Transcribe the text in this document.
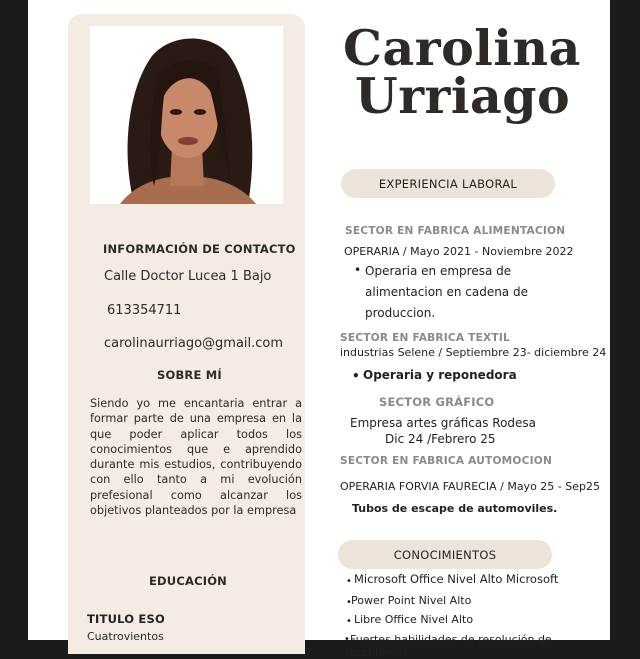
INFORMACIÓN DE CONTACTO
Calle Doctor Lucea 1 Bajo
613354711
carolinaurriago@gmail.com
SOBRE MÍ
Siendo yo me encantaria entrar a formar parte de una empresa en la que poder aplicar todos los conocimientos que e aprendido durante mis estudios, contribuyendo con ello tanto a mi evolución prefesional como alcanzar los objetivos planteados por la empresa
EDUCACIÓN
TITULO ESO
Cuatrovientos
Carolina
Urriago
EXPERIENCIA LABORAL
SECTOR EN FABRICA ALIMENTACION
OPERARIA / Mayo 2021 - Noviembre 2022
• Operaria en empresa de
alimentacion en cadena de
produccion.
SECTOR EN FABRICA TEXTIL
industrias Selene / Septiembre 23- diciembre 24
• Operaria y reponedora
SECTOR GRÁFICO
Empresa artes gráficas Rodesa
Dic 24 /Febrero 25
SECTOR EN FABRICA AUTOMOCION
OPERARIA FORVIA FAURECIA / Mayo 25 - Sep25
Tubos de escape de automoviles.
CONOCIMIENTOS
• Microsoft Office Nivel Alto Microsoft
• Power Point Nivel Alto
• Libre Office Nivel Alto
• Fuertes habilidades de resolución de problemas
